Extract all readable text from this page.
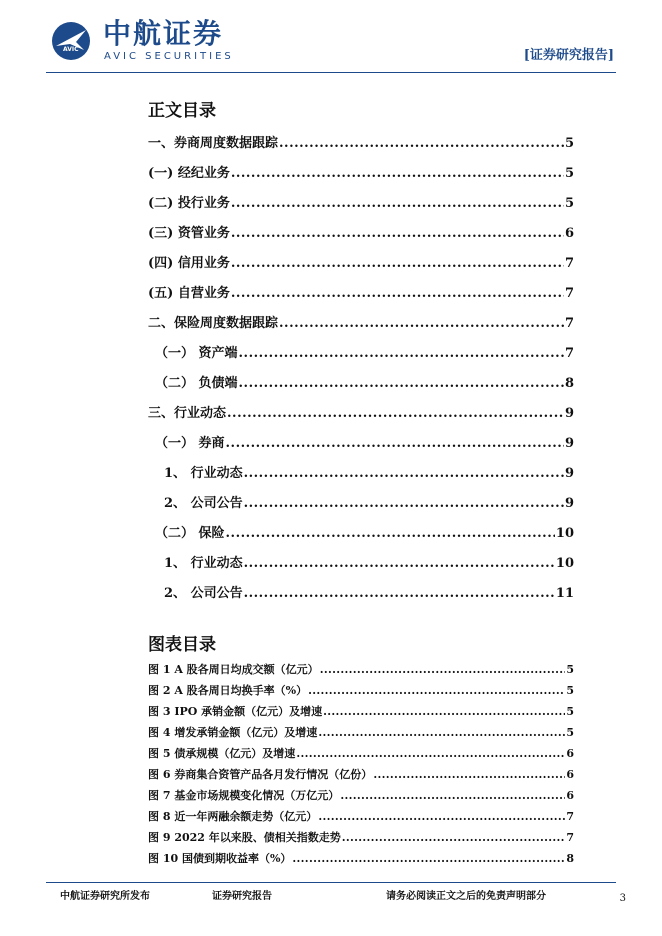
AVIC 中航证券
AVIC SECURITIES	[证券研究报告]
正文目录
一、券商周度数据跟踪 .....	5
(一) 经纪业务 .....	5
(二) 投行业务 .....	5
(三) 资管业务 .....	6
(四) 信用业务 .....	7
(五) 自营业务 .....	7
二、保险周度数据跟踪 .....	7
（一） 资产端 .....	7
（二） 负债端 .....	8
三、行业动态 .....	9
（一） 券商 .....	9
1、 行业动态 .....	9
2、 公司公告 .....	9
（二） 保险 .....	10
1、 行业动态 .....	10
2、 公司公告 .....	11
图表目录
图 1 A 股各周日均成交额（亿元） .....	5
图 2 A 股各周日均换手率（%） .....	5
图 3 IPO 承销金额（亿元）及增速 .....	5
图 4 增发承销金额（亿元）及增速 .....	5
图 5 债承规模（亿元）及增速 .....	6
图 6 券商集合资管产品各月发行情况（亿份） .....	6
图 7 基金市场规模变化情况（万亿元） .....	6
图 8 近一年两融余额走势（亿元） .....	7
图 9 2022 年以来股、债相关指数走势 .....	7
图 10 国债到期收益率（%） .....	8
中航证券研究所发布	证券研究报告	请务必阅读正文之后的免责声明部分	3
